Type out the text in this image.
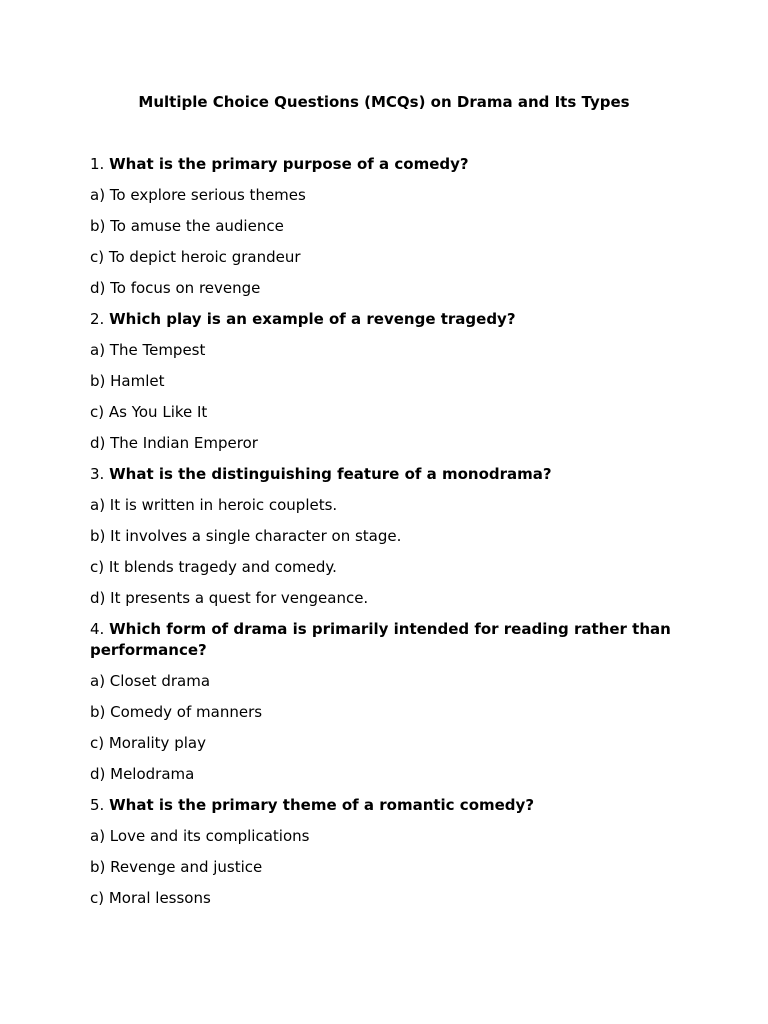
Multiple Choice Questions (MCQs) on Drama and Its Types
1. What is the primary purpose of a comedy?
a) To explore serious themes
b) To amuse the audience
c) To depict heroic grandeur
d) To focus on revenge
2. Which play is an example of a revenge tragedy?
a) The Tempest
b) Hamlet
c) As You Like It
d) The Indian Emperor
3. What is the distinguishing feature of a monodrama?
a) It is written in heroic couplets.
b) It involves a single character on stage.
c) It blends tragedy and comedy.
d) It presents a quest for vengeance.
4. Which form of drama is primarily intended for reading rather than performance?
a) Closet drama
b) Comedy of manners
c) Morality play
d) Melodrama
5. What is the primary theme of a romantic comedy?
a) Love and its complications
b) Revenge and justice
c) Moral lessons
